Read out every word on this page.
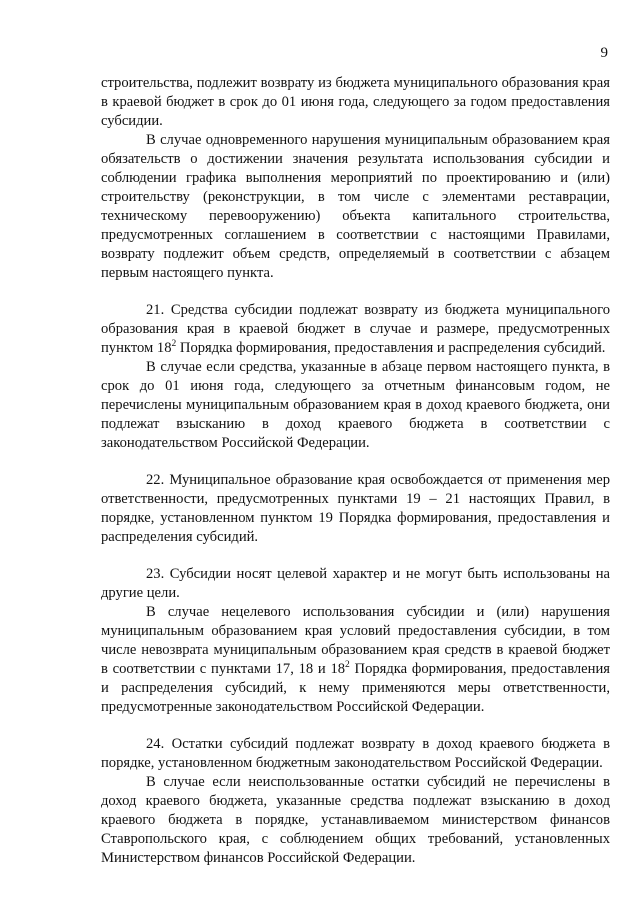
9

строительства, подлежит возврату из бюджета муниципального образования края в краевой бюджет в срок до 01 июня года, следующего за годом предоставления субсидии.

В случае одновременного нарушения муниципальным образованием края обязательств о достижении значения результата использования субсидии и соблюдении графика выполнения мероприятий по проектированию и (или) строительству (реконструкции, в том числе с элементами реставрации, техническому перевооружению) объекта капитального строительства, предусмотренных соглашением в соответствии с настоящими Правилами, возврату подлежит объем средств, определяемый в соответствии с абзацем первым настоящего пункта.

21. Средства субсидии подлежат возврату из бюджета муниципального образования края в краевой бюджет в случае и размере, предусмотренных пунктом $18^2$ Порядка формирования, предоставления и распределения субсидий.

В случае если средства, указанные в абзаце первом настоящего пункта, в срок до 01 июня года, следующего за отчетным финансовым годом, не перечислены муниципальным образованием края в доход краевого бюджета, они подлежат взысканию в доход краевого бюджета в соответствии с законодательством Российской Федерации.

22. Муниципальное образование края освобождается от применения мер ответственности, предусмотренных пунктами 19 – 21 настоящих Правил, в порядке, установленном пунктом 19 Порядка формирования, предоставления и распределения субсидий.

23. Субсидии носят целевой характер и не могут быть использованы на другие цели.

В случае нецелевого использования субсидии и (или) нарушения муниципальным образованием края условий предоставления субсидии, в том числе невозврата муниципальным образованием края средств в краевой бюджет в соответствии с пунктами 17, 18 и $18^2$ Порядка формирования, предоставления и распределения субсидий, к нему применяются меры ответственности, предусмотренные законодательством Российской Федерации.

24. Остатки субсидий подлежат возврату в доход краевого бюджета в порядке, установленном бюджетным законодательством Российской Федерации.

В случае если неиспользованные остатки субсидий не перечислены в доход краевого бюджета, указанные средства подлежат взысканию в доход краевого бюджета в порядке, устанавливаемом министерством финансов Ставропольского края, с соблюдением общих требований, установленных Министерством финансов Российской Федерации.
